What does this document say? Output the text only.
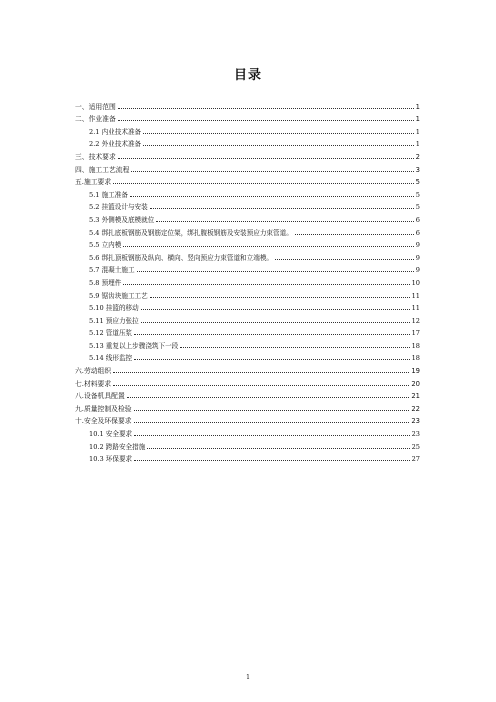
目录
一、适用范围	1
二、作业准备	1
2.1 内业技术准备	1
2.2 外业技术准备	1
三、技术要求	2
四、施工工艺流程	3
五.施工要求	5
5.1 施工准备	5
5.2 挂篮设计与安装	5
5.3 外侧模及底模就位	6
5.4 绑扎底板钢筋及钢筋定位架，绑扎腹板钢筋及安装预应力束管道。	6
5.5 立内模	9
5.6 绑扎顶板钢筋及纵向、横向、竖向预应力束管道和立端模。	9
5.7 混凝土施工	9
5.8 预埋件	10
5.9 锯齿块施工工艺	11
5.10 挂篮的移动	11
5.11 预应力张拉	12
5.12 管道压浆	17
5.13 重复以上步骤浇筑下一段	18
5.14 线形监控	18
六.劳动组织	19
七.材料要求	20
八.设备机具配置	21
九.质量控制及检验	22
十.安全及环保要求	23
10.1 安全要求	23
10.2 跨路安全措施	25
10.3 环保要求	27
1
